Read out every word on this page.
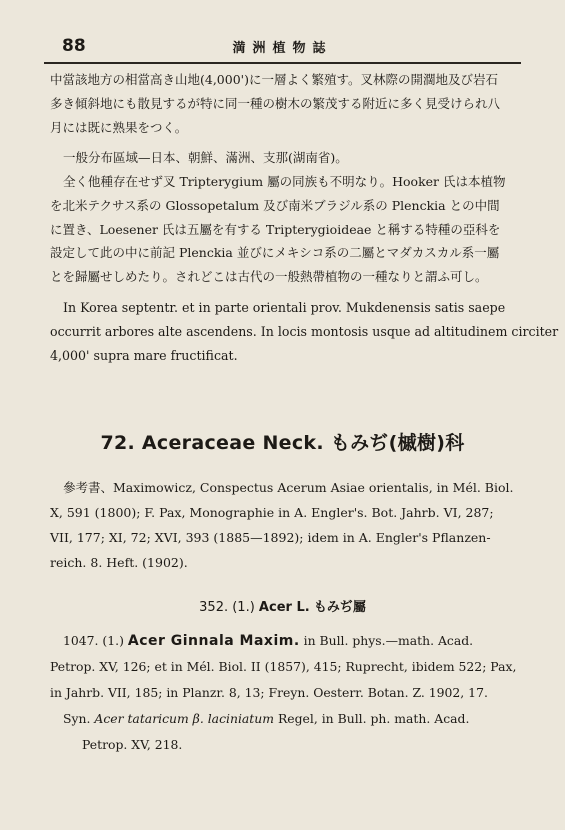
88	満洲植物誌

中當該地方の相當高き山地(4,000')に一層よく繁殖す。叉林際の開濶地及び岩石

多き傾斜地にも散見するが特に同一種の樹木の繁茂する附近に多く見受けられ八

月には既に熟果をつく。

一般分布區域—日本、朝鮮、滿洲、支那(湖南省)。

全く他種存在せず叉 Tripterygium 屬の同族も不明なり。Hooker 氏は本植物

を北米テクサス系の Glossopetalum 及び南米ブラジル系の Plenckia との中間

に置き、Loesener 氏は五屬を有する Tripterygioideae と稱する特種の亞科を

設定して此の中に前記 Plenckia 並びにメキシコ系の二屬とマダカスカル系一屬

とを歸屬せしめたり。されどこは古代の一般熱帶植物の一種なりと謂ふ可し。

In Korea septentr. et in parte orientali prov. Mukdenensis satis saepe

occurrit arbores alte ascendens. In locis montosis usque ad altitudinem circiter

4,000' supra mare fructificat.

72. Aceraceae Neck. もみぢ(槭樹)科

參考書、Maximowicz, Conspectus Acerum Asiae orientalis, in Mél. Biol.

X, 591 (1800); F. Pax, Monographie in A. Engler's. Bot. Jahrb. VI, 287;

VII, 177; XI, 72; XVI, 393 (1885—1892); idem in A. Engler's Pflanzen-

reich. 8. Heft. (1902).

352. (1.) Acer L. もみぢ屬

1047. (1.) Acer Ginnala Maxim. in Bull. phys.—math. Acad.

Petrop. XV, 126; et in Mél. Biol. II (1857), 415; Ruprecht, ibidem 522; Pax,

in Jahrb. VII, 185; in Planzr. 8, 13; Freyn. Oesterr. Botan. Z. 1902, 17.

Syn. Acer tataricum β. laciniatum Regel, in Bull. ph. math. Acad.

Petrop. XV, 218.
